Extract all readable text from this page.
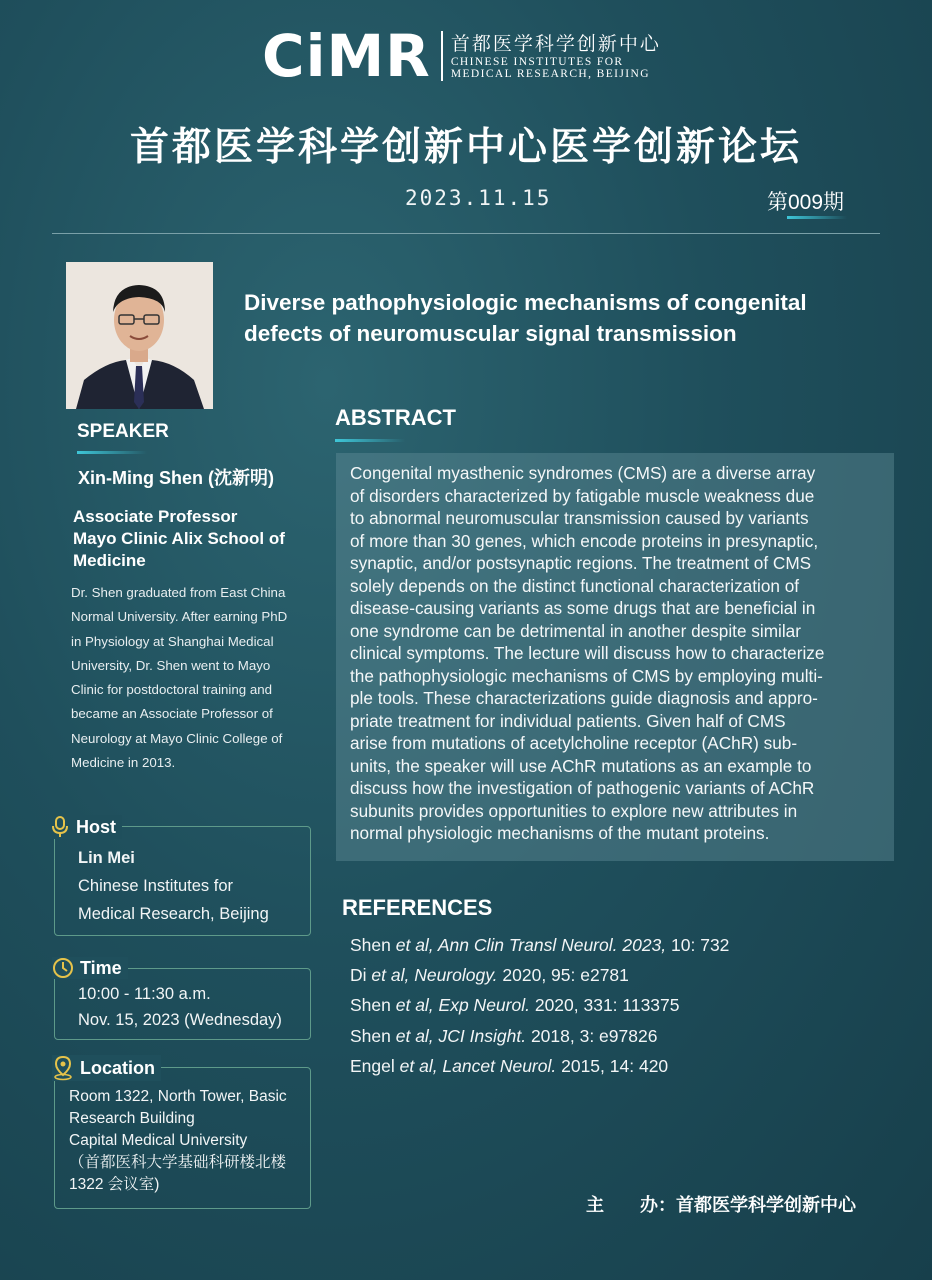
CiMR 首都医学科学创新中心
CHINESE INSTITUTES FOR
MEDICAL RESEARCH, BEIJING
首都医学科学创新中心医学创新论坛
2023.11.15	第009期
Diverse pathophysiologic mechanisms of congenital
defects of neuromuscular signal transmission
SPEAKER
Xin-Ming Shen (沈新明)
Associate Professor
Mayo Clinic Alix School of Medicine
Dr. Shen graduated from East China
Normal University. After earning PhD
in Physiology at Shanghai Medical
University, Dr. Shen went to Mayo
Clinic for postdoctoral training and
became an Associate Professor of
Neurology at Mayo Clinic College of
Medicine in 2013.
Host
Lin Mei
Chinese Institutes for
Medical Research, Beijing
Time
10:00 - 11:30 a.m.
Nov. 15, 2023 (Wednesday)
Location
Room 1322, North Tower, Basic
Research Building
Capital Medical University
（首都医科大学基础科研楼北楼
1322 会议室)
ABSTRACT
Congenital myasthenic syndromes (CMS) are a diverse array
of disorders characterized by fatigable muscle weakness due
to abnormal neuromuscular transmission caused by variants
of more than 30 genes, which encode proteins in presynaptic,
synaptic, and/or postsynaptic regions. The treatment of CMS
solely depends on the distinct functional characterization of
disease-causing variants as some drugs that are beneficial in
one syndrome can be detrimental in another despite similar
clinical symptoms. The lecture will discuss how to characterize
the pathophysiologic mechanisms of CMS by employing multi-
ple tools. These characterizations guide diagnosis and appro-
priate treatment for individual patients. Given half of CMS
arise from mutations of acetylcholine receptor (AChR) sub-
units, the speaker will use AChR mutations as an example to
discuss how the investigation of pathogenic variants of AChR
subunits provides opportunities to explore new attributes in
normal physiologic mechanisms of the mutant proteins.
REFERENCES
Shen et al, Ann Clin Transl Neurol. 2023, 10: 732
Di et al, Neurology. 2020, 95: e2781
Shen et al, Exp Neurol. 2020, 331: 113375
Shen et al, JCI Insight. 2018, 3: e97826
Engel et al, Lancet Neurol. 2015, 14: 420
主　　办：首都医学科学创新中心
